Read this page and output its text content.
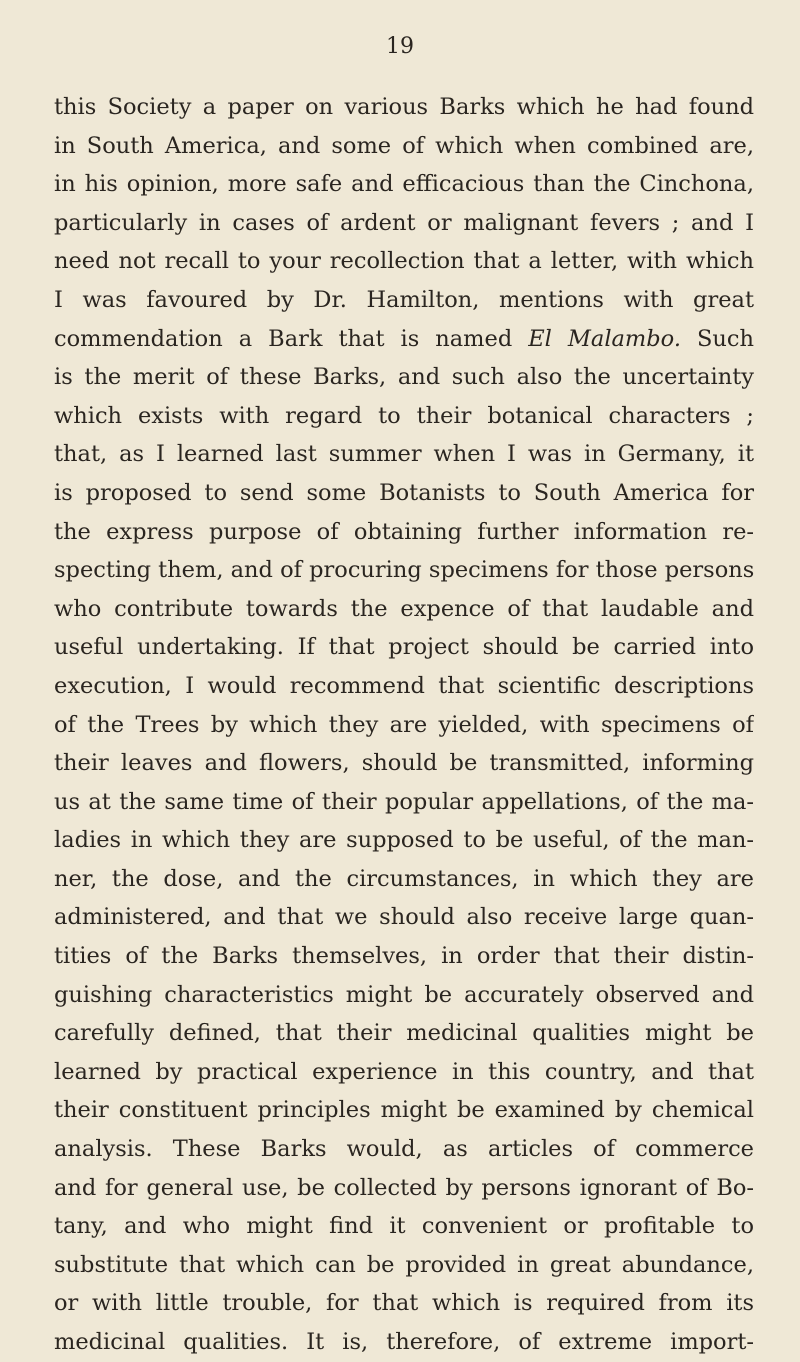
19
this Society a paper on various Barks which he had found
in South America, and some of which when combined are,
in his opinion, more safe and efficacious than the Cinchona,
particularly in cases of ardent or malignant fevers ; and I
need not recall to your recollection that a letter, with which
I was favoured by Dr. Hamilton, mentions with great
commendation a Bark that is named El Malambo. Such
is the merit of these Barks, and such also the uncertainty
which exists with regard to their botanical characters ;
that, as I learned last summer when I was in Germany, it
is proposed to send some Botanists to South America for
the express purpose of obtaining further information re-
specting them, and of procuring specimens for those persons
who contribute towards the expence of that laudable and
useful undertaking. If that project should be carried into
execution, I would recommend that scientific descriptions
of the Trees by which they are yielded, with specimens of
their leaves and flowers, should be transmitted, informing
us at the same time of their popular appellations, of the ma-
ladies in which they are supposed to be useful, of the man-
ner, the dose, and the circumstances, in which they are
administered, and that we should also receive large quan-
tities of the Barks themselves, in order that their distin-
guishing characteristics might be accurately observed and
carefully defined, that their medicinal qualities might be
learned by practical experience in this country, and that
their constituent principles might be examined by chemical
analysis. These Barks would, as articles of commerce
and for general use, be collected by persons ignorant of Bo-
tany, and who might find it convenient or profitable to
substitute that which can be provided in great abundance,
or with little trouble, for that which is required from its
medicinal qualities. It is, therefore, of extreme import-
